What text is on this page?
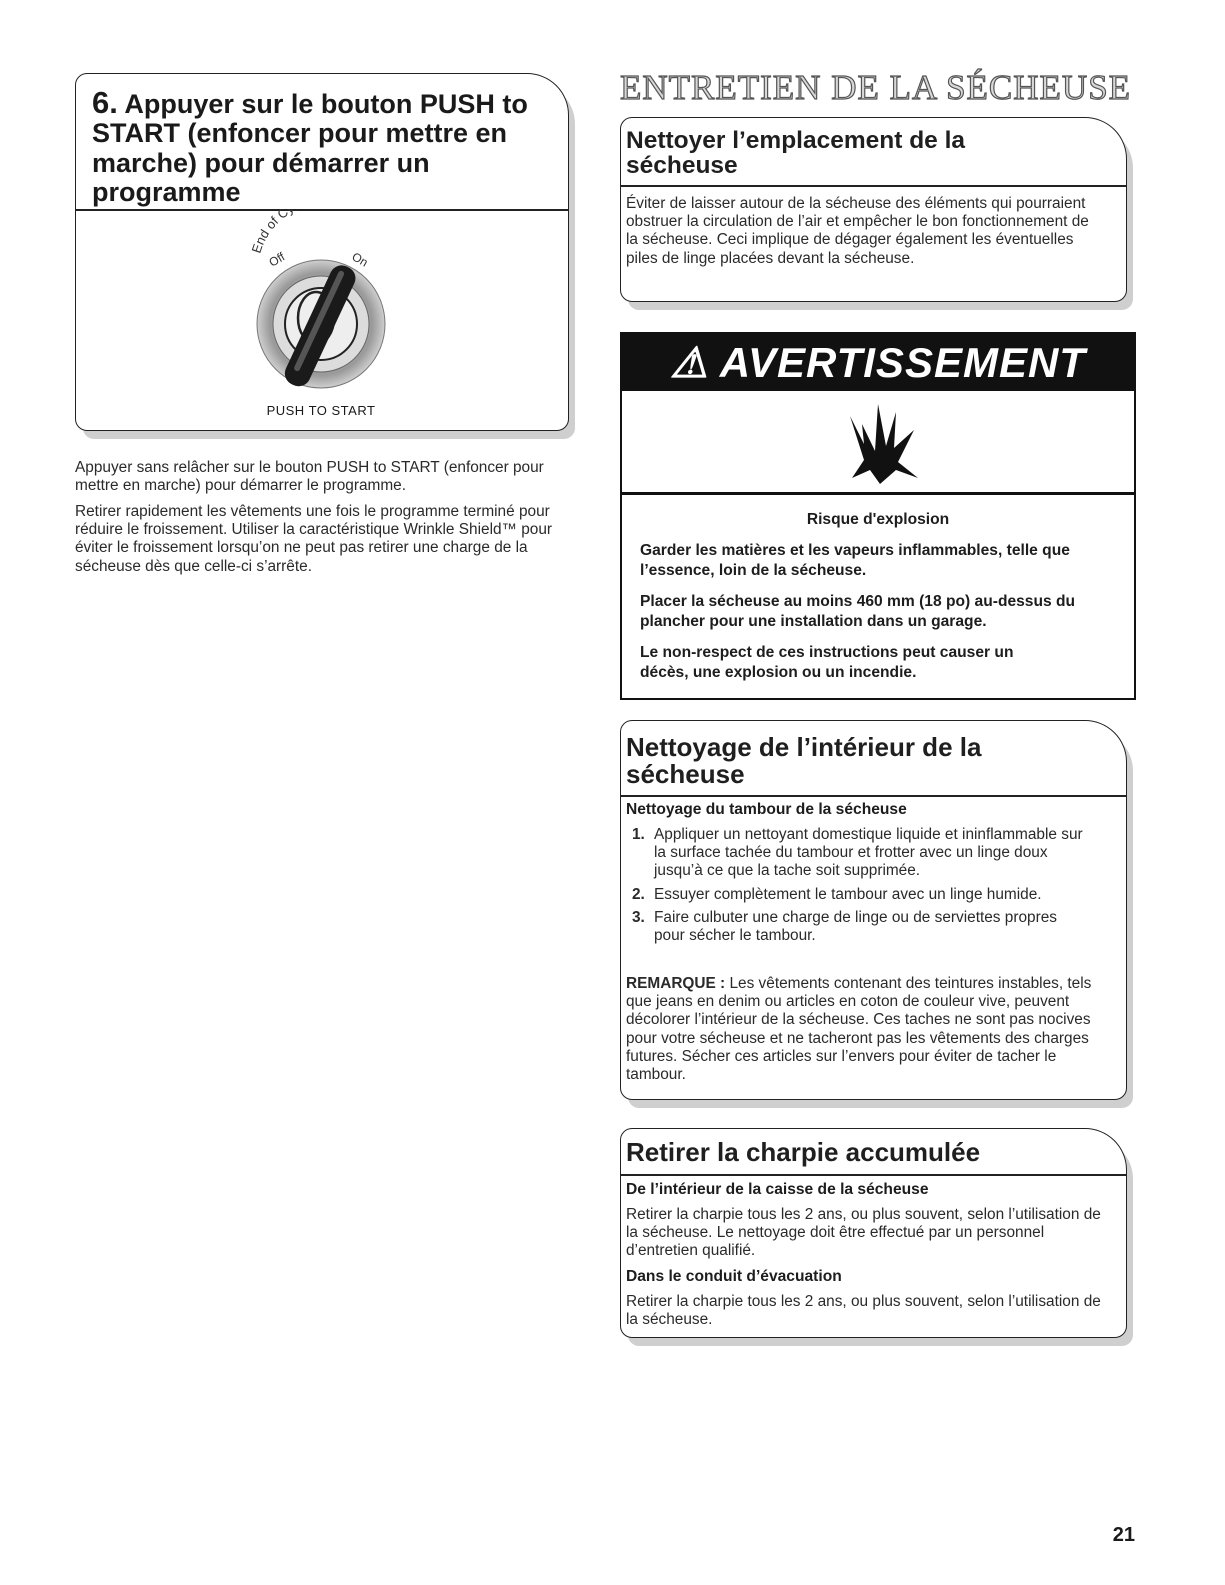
6. Appuyer sur le bouton PUSH to START (enfoncer pour mettre en marche) pour démarrer un programme
End of C
Off	On
PUSH TO START
Appuyer sans relâcher sur le bouton PUSH to START (enfoncer pour mettre en marche) pour démarrer le programme.
Retirer rapidement les vêtements une fois le programme terminé pour réduire le froissement. Utiliser la caractéristique Wrinkle Shield™ pour éviter le froissement lorsqu’on ne peut pas retirer une charge de la sécheuse dès que celle-ci s’arrête.
ENTRETIEN DE LA SÉCHEUSE
Nettoyer l’emplacement de la sécheuse
Éviter de laisser autour de la sécheuse des éléments qui pourraient obstruer la circulation de l’air et empêcher le bon fonctionnement de la sécheuse. Ceci implique de dégager également les éventuelles piles de linge placées devant la sécheuse.
⚠ AVERTISSEMENT
Risque d'explosion
Garder les matières et les vapeurs inflammables, telle que l’essence, loin de la sécheuse.
Placer la sécheuse au moins 460 mm (18 po) au-dessus du plancher pour une installation dans un garage.
Le non-respect de ces instructions peut causer un décès, une explosion ou un incendie.
Nettoyage de l’intérieur de la sécheuse
Nettoyage du tambour de la sécheuse
1. Appliquer un nettoyant domestique liquide et ininflammable sur la surface tachée du tambour et frotter avec un linge doux jusqu’à ce que la tache soit supprimée.
2. Essuyer complètement le tambour avec un linge humide.
3. Faire culbuter une charge de linge ou de serviettes propres pour sécher le tambour.
REMARQUE : Les vêtements contenant des teintures instables, tels que jeans en denim ou articles en coton de couleur vive, peuvent décolorer l’intérieur de la sécheuse. Ces taches ne sont pas nocives pour votre sécheuse et ne tacheront pas les vêtements des charges futures. Sécher ces articles sur l’envers pour éviter de tacher le tambour.
Retirer la charpie accumulée
De l’intérieur de la caisse de la sécheuse
Retirer la charpie tous les 2 ans, ou plus souvent, selon l’utilisation de la sécheuse. Le nettoyage doit être effectué par un personnel d’entretien qualifié.
Dans le conduit d’évacuation
Retirer la charpie tous les 2 ans, ou plus souvent, selon l’utilisation de la sécheuse.
21
